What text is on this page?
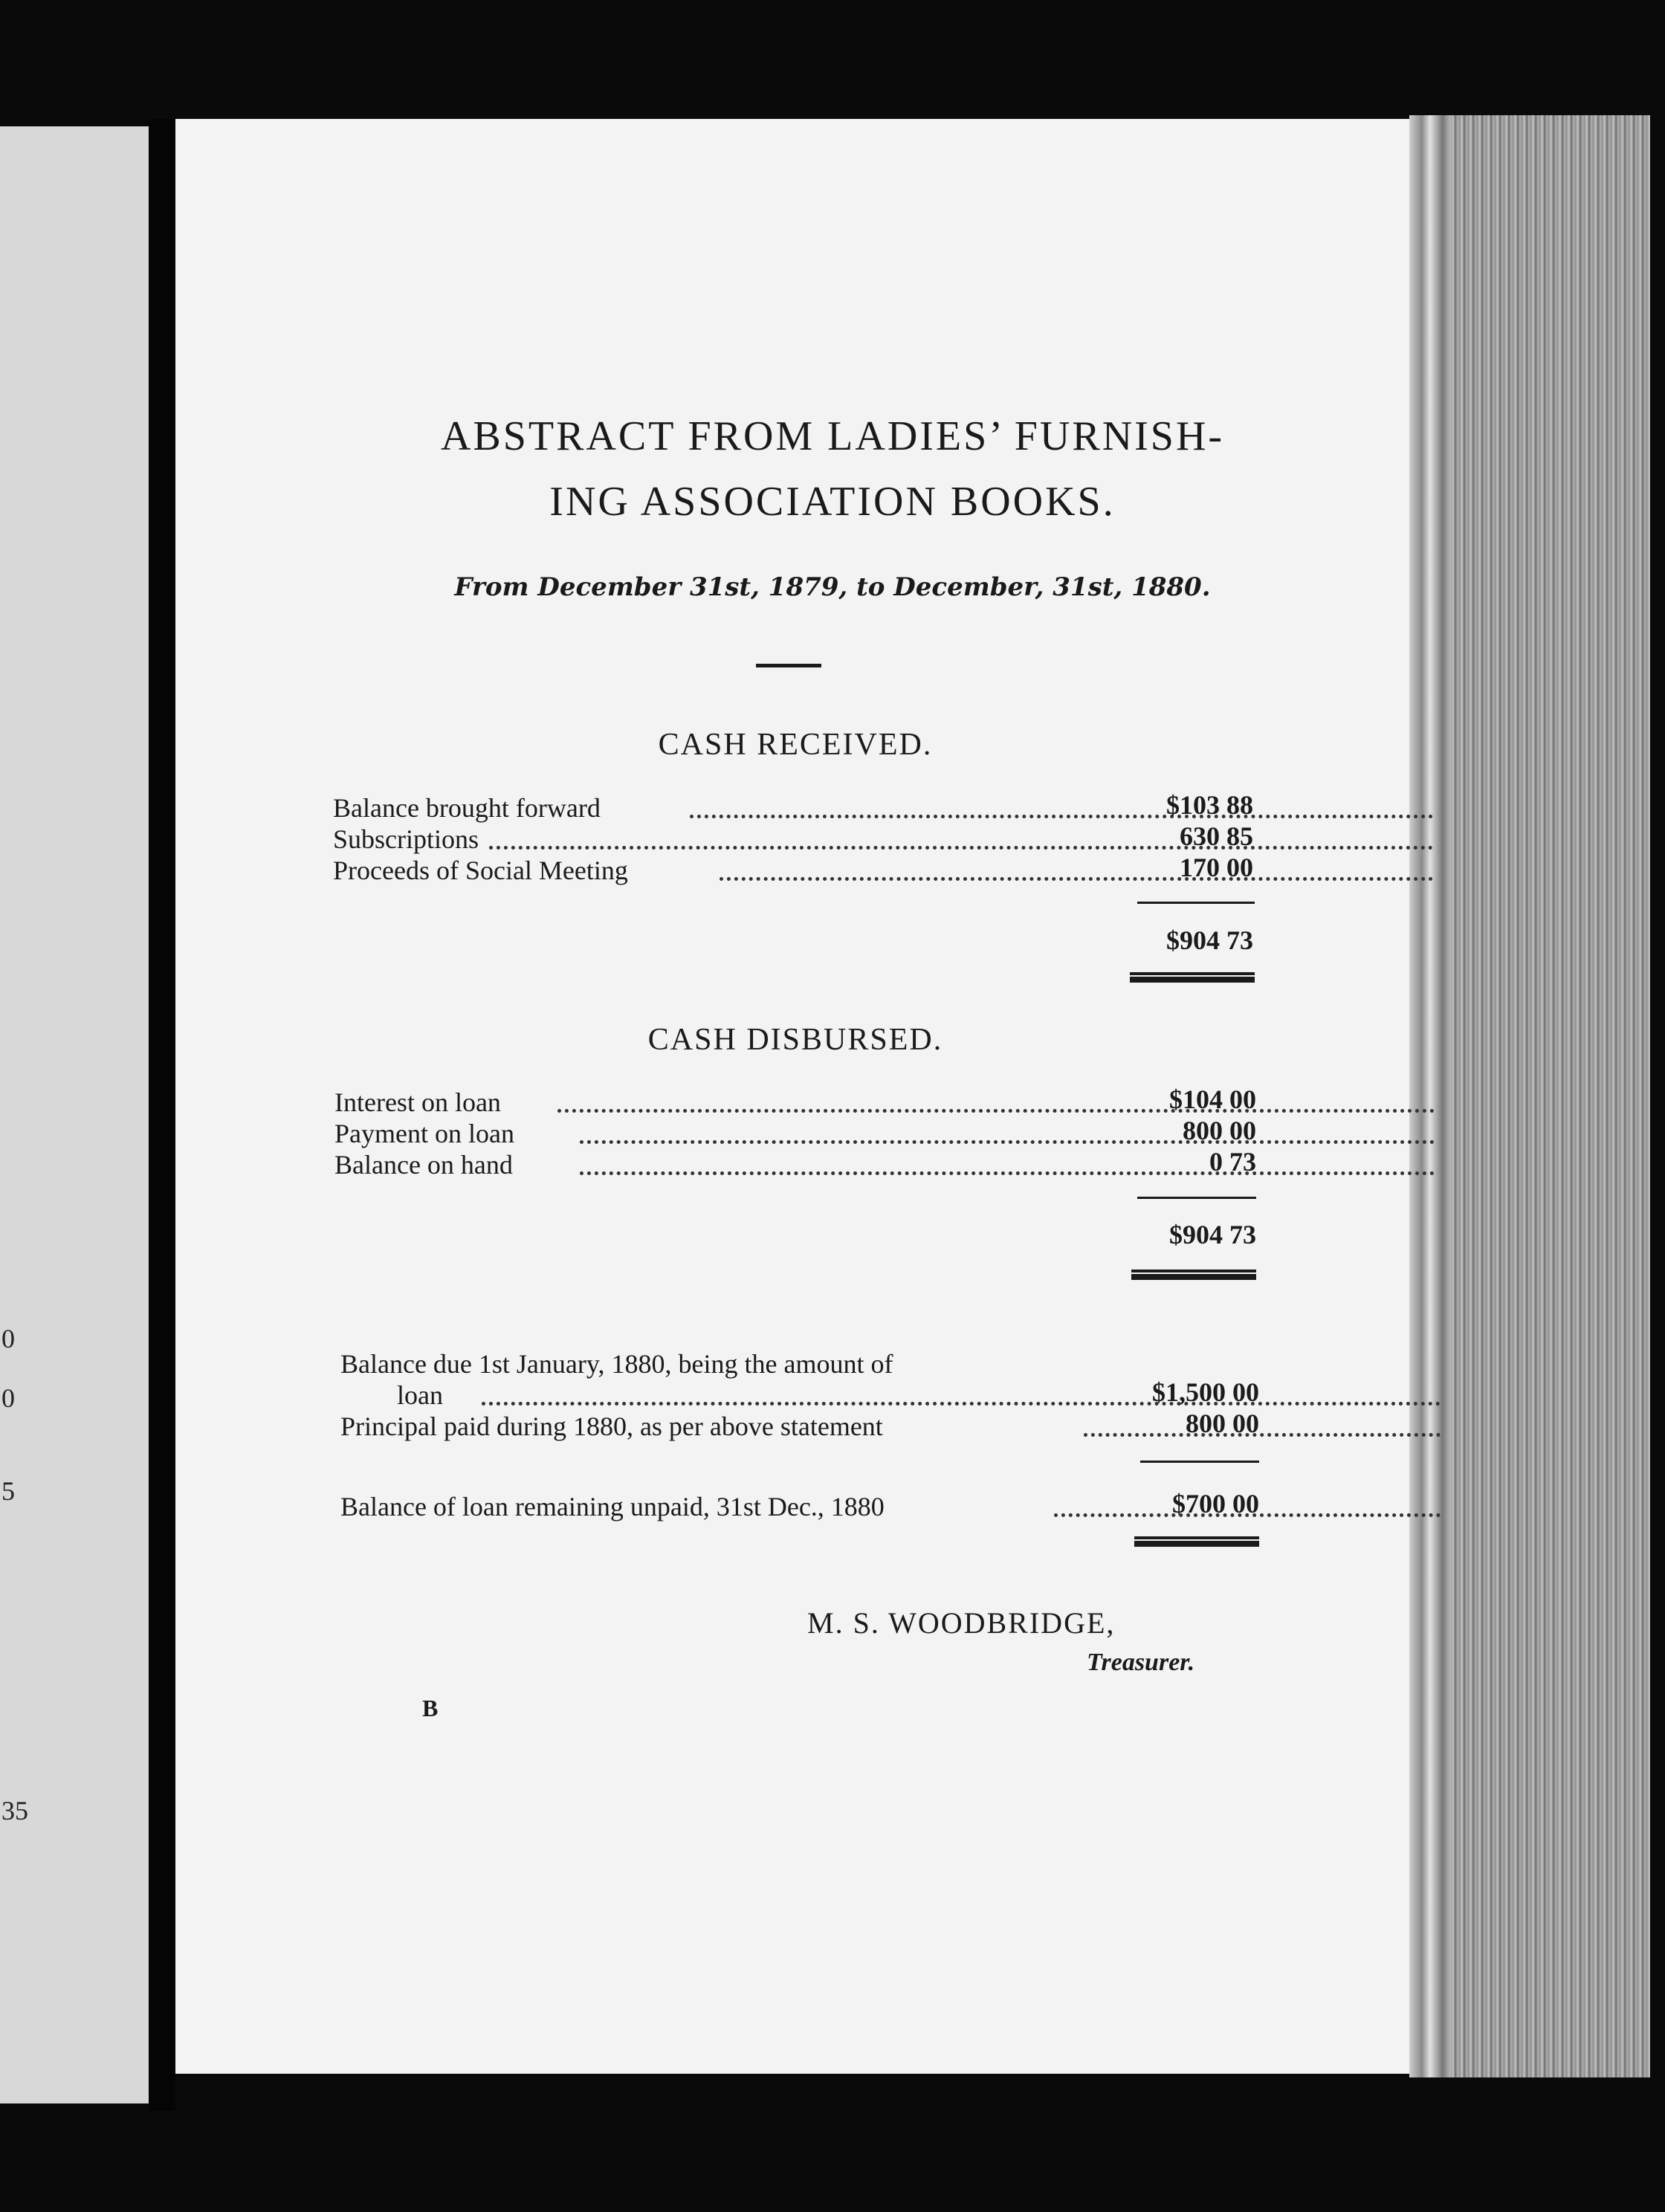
0
0
5
35
ABSTRACT FROM LADIES’ FURNISH-
ING ASSOCIATION BOOKS.
From December 31st, 1879, to December, 31st, 1880.
CASH RECEIVED.
Balance brought forward	$103 88
Subscriptions	630 85
Proceeds of Social Meeting	170 00
$904 73
CASH DISBURSED.
Interest on loan	$104 00
Payment on loan	800 00
Balance on hand	0 73
$904 73
Balance due 1st January, 1880, being the amount of
loan	$1,500 00
Principal paid during 1880, as per above statement	800 00
Balance of loan remaining unpaid, 31st Dec., 1880	$700 00
M. S. WOODBRIDGE,
Treasurer.
B
